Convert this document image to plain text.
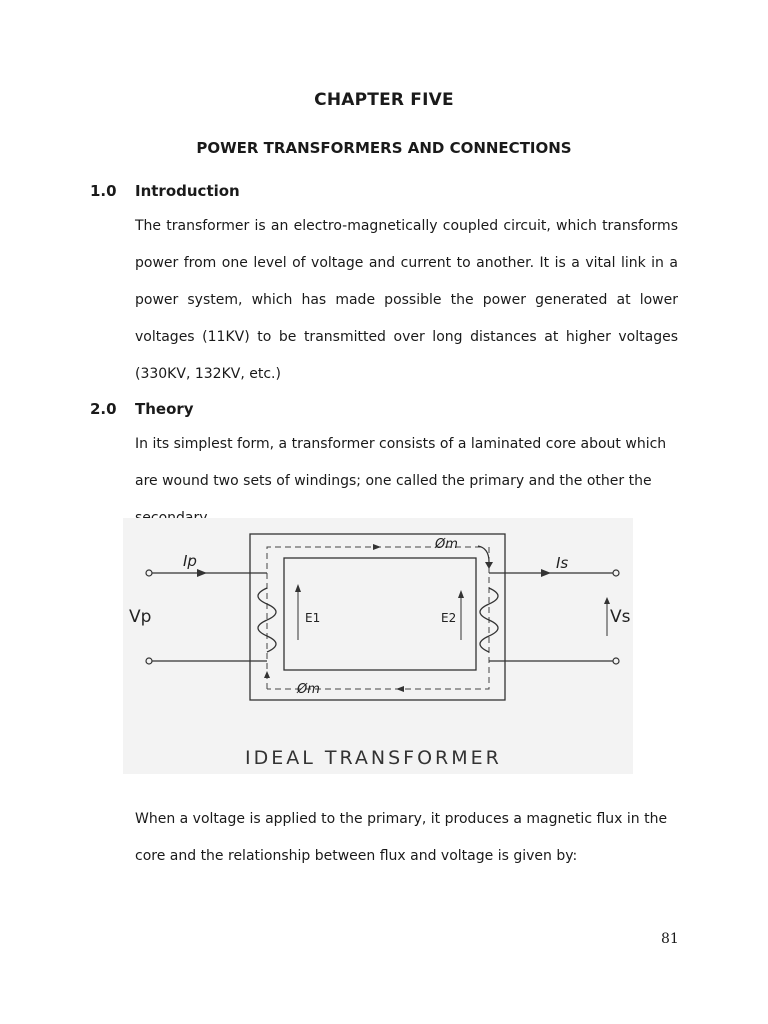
CHAPTER FIVE
POWER TRANSFORMERS AND CONNECTIONS
1.0 Introduction

The transformer is an electro-magnetically coupled circuit, which transforms power from one level of voltage and current to another. It is a vital link in a power system, which has made possible the power generated at lower voltages (11KV) to be transmitted over long distances at higher voltages (330KV, 132KV, etc.)

2.0 Theory

In its simplest form, a transformer consists of a laminated core about which are wound two sets of windings; one called the primary and the other the

Ip	Is
Vp	Vs
E1	E2
Øm
Øm
IDEAL TRANSFORMER

When a voltage is applied to the primary, it produces a magnetic flux in the core and the relationship between flux and voltage is given by:

81
